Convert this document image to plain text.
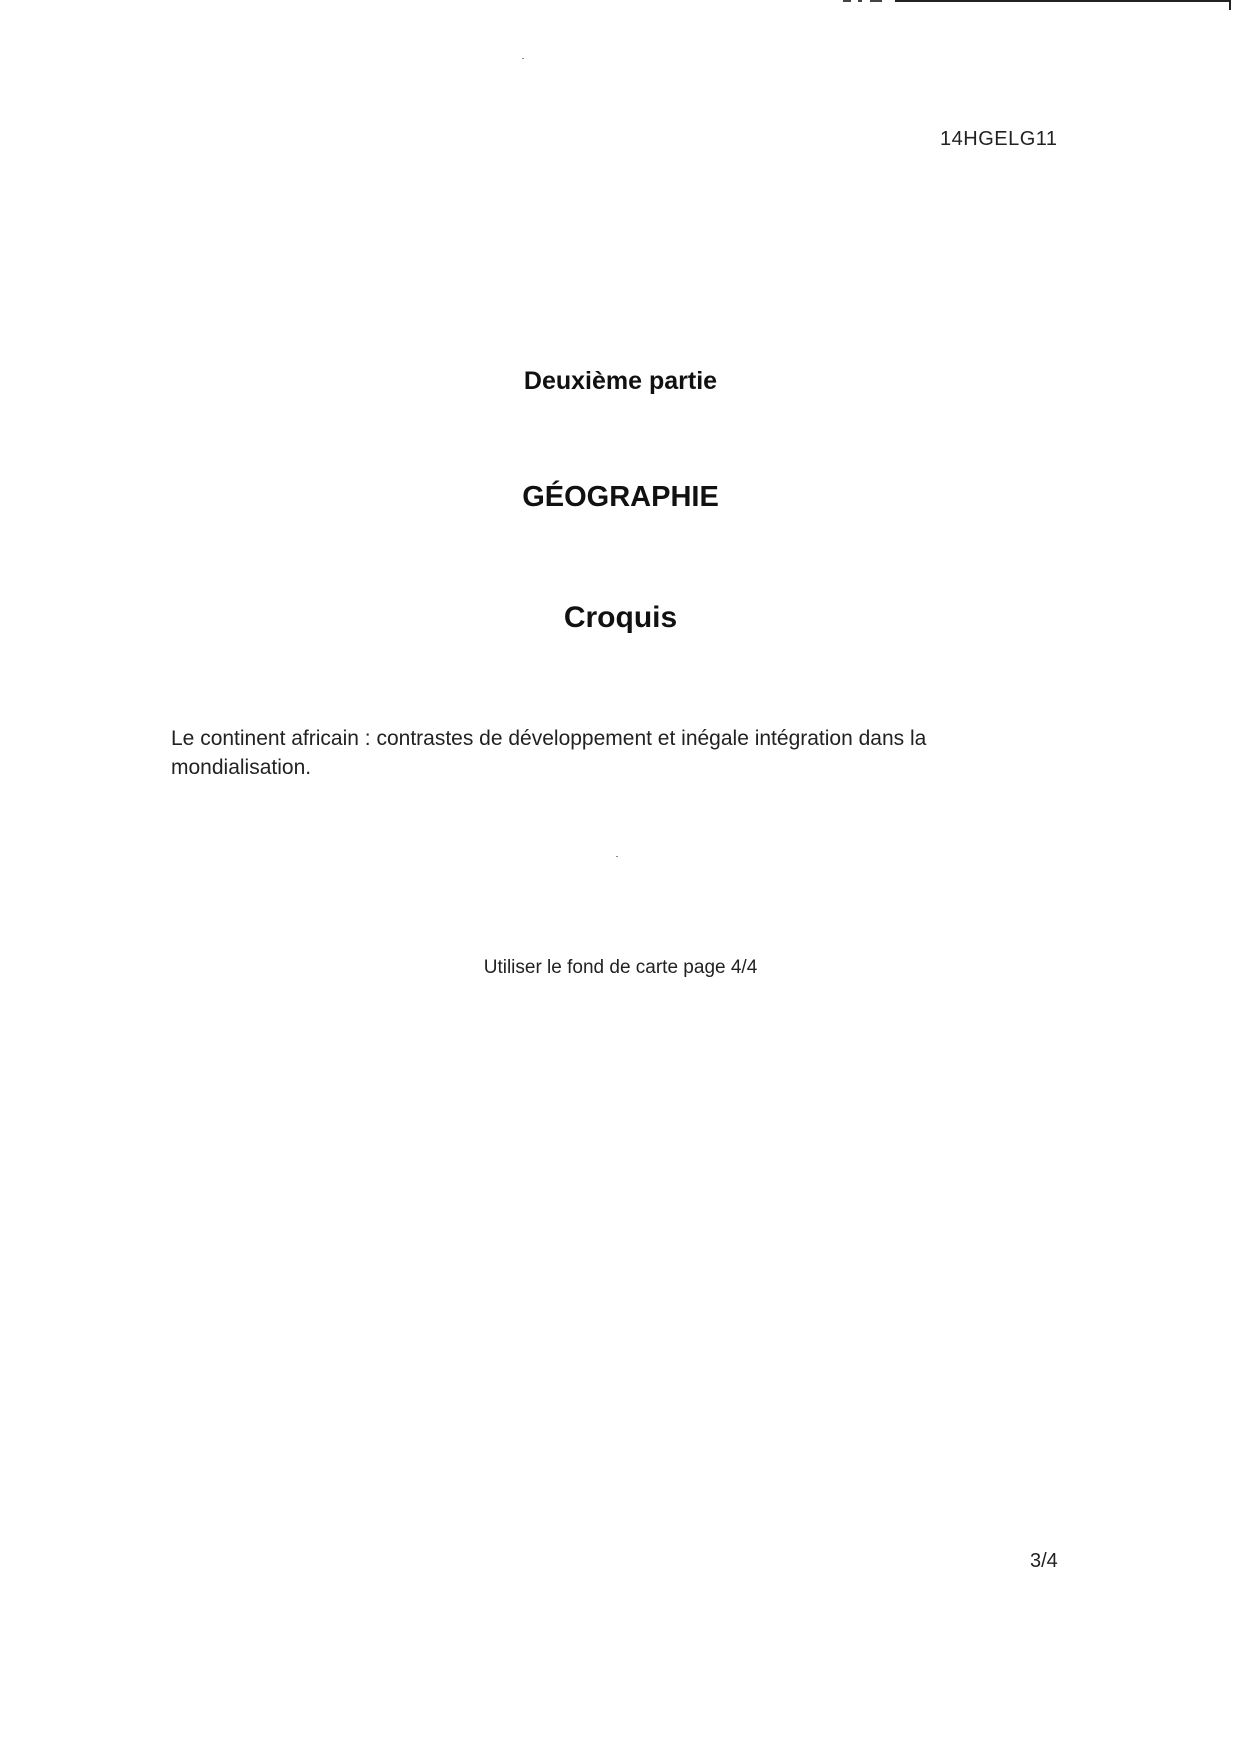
14HGELG11
Deuxième partie
GÉOGRAPHIE
Croquis
Le continent africain : contrastes de développement et inégale intégration dans la mondialisation.
Utiliser le fond de carte page 4/4
3/4
